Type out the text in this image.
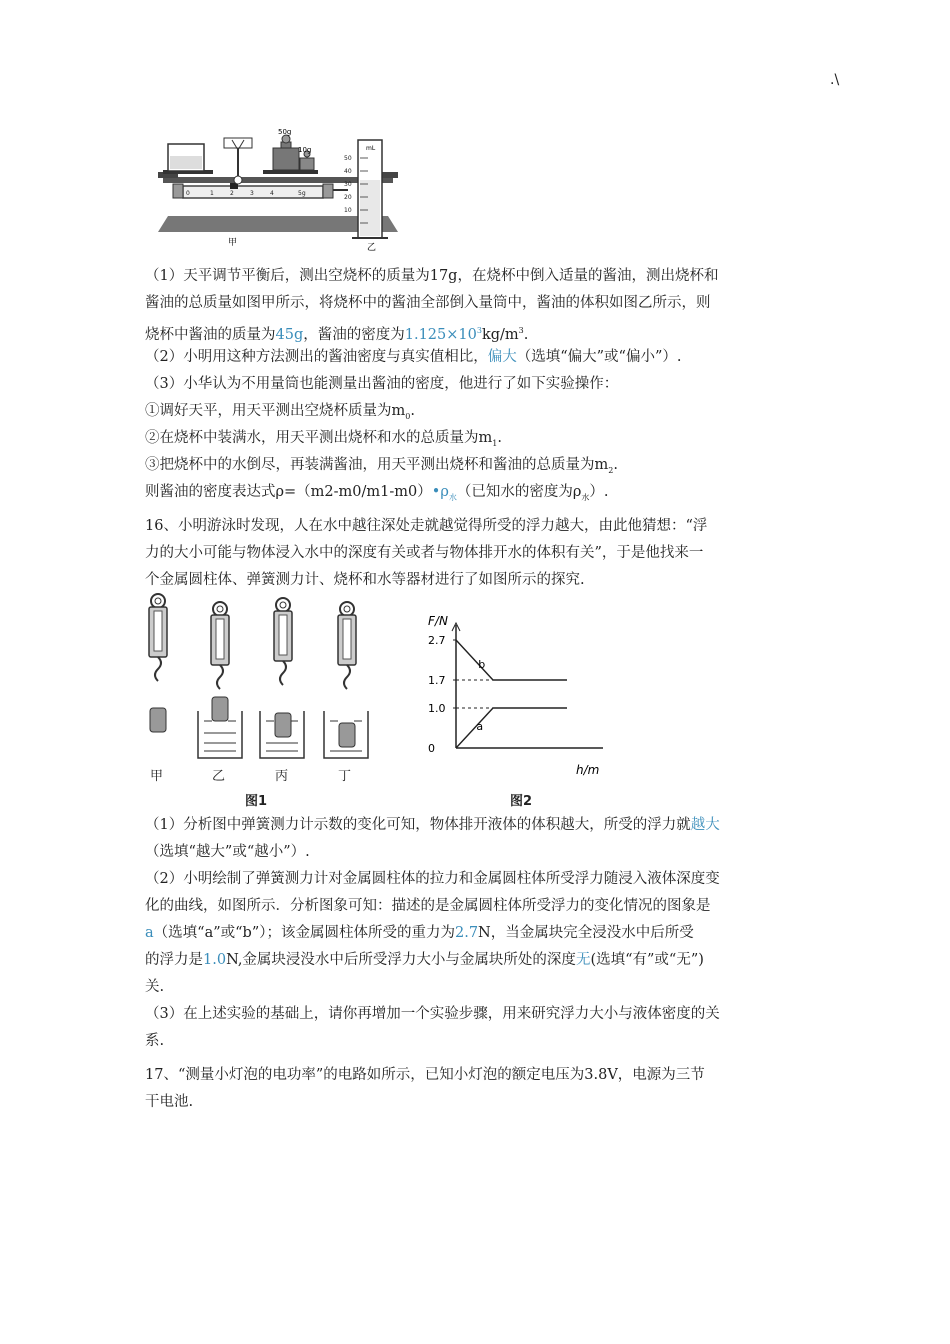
.\
0	1	2	3	4	5g
50g
10g
甲
mL
50
40
30
20
10
乙
（1）天平调节平衡后，测出空烧杯的质量为17g，在烧杯中倒入适量的酱油，测出烧杯和
酱油的总质量如图甲所示，将烧杯中的酱油全部倒入量筒中，酱油的体积如图乙所示，则
烧杯中酱油的质量为45g，酱油的密度为$1.125\times 10^3kg/m^3$.
（2）小明用这种方法测出的酱油密度与真实值相比，偏大（选填“偏大”或“偏小”）.
（3）小华认为不用量筒也能测量出酱油的密度，他进行了如下实验操作：
①调好天平，用天平测出空烧杯质量为$m_0$.
②在烧杯中装满水，用天平测出烧杯和水的总质量为$m_1$.
③把烧杯中的水倒尽，再装满酱油，用天平测出烧杯和酱油的总质量为$m_2$.
则酱油的密度表达式$\rho=(m2-m0/m1-m0)•\rho_水$（已知水的密度为$\rho_水$）.
16、小明游泳时发现，人在水中越往深处走就越觉得所受的浮力越大，由此他猜想：“浮
力的大小可能与物体浸入水中的深度有关或者与物体排开水的体积有关”，于是他找来一
个金属圆柱体、弹簧测力计、烧杯和水等器材进行了如图所示的探究.
甲	乙	丙	丁
图1
F/N
h/m
0
1.0
1.7
2.7
a
b
图2
（1）分析图中弹簧测力计示数的变化可知，物体排开液体的体积越大，所受的浮力就越大
（选填“越大”或“越小”）.
（2）小明绘制了弹簧测力计对金属圆柱体的拉力和金属圆柱体所受浮力随浸入液体深度变
化的曲线，如图所示．分析图象可知：描述的是金属圆柱体所受浮力的变化情况的图象是
a（选填“a”或“b”）；该金属圆柱体所受的重力为2.7N，当金属块完全浸没水中后所受
的浮力是1.0N,金属块浸没水中后所受浮力大小与金属块所处的深度无(选填“有”或“无”)
关.
（3）在上述实验的基础上，请你再增加一个实验步骤，用来研究浮力大小与液体密度的关
系.
17、“测量小灯泡的电功率”的电路如所示，已知小灯泡的额定电压为3.8V，电源为三节
干电池.
